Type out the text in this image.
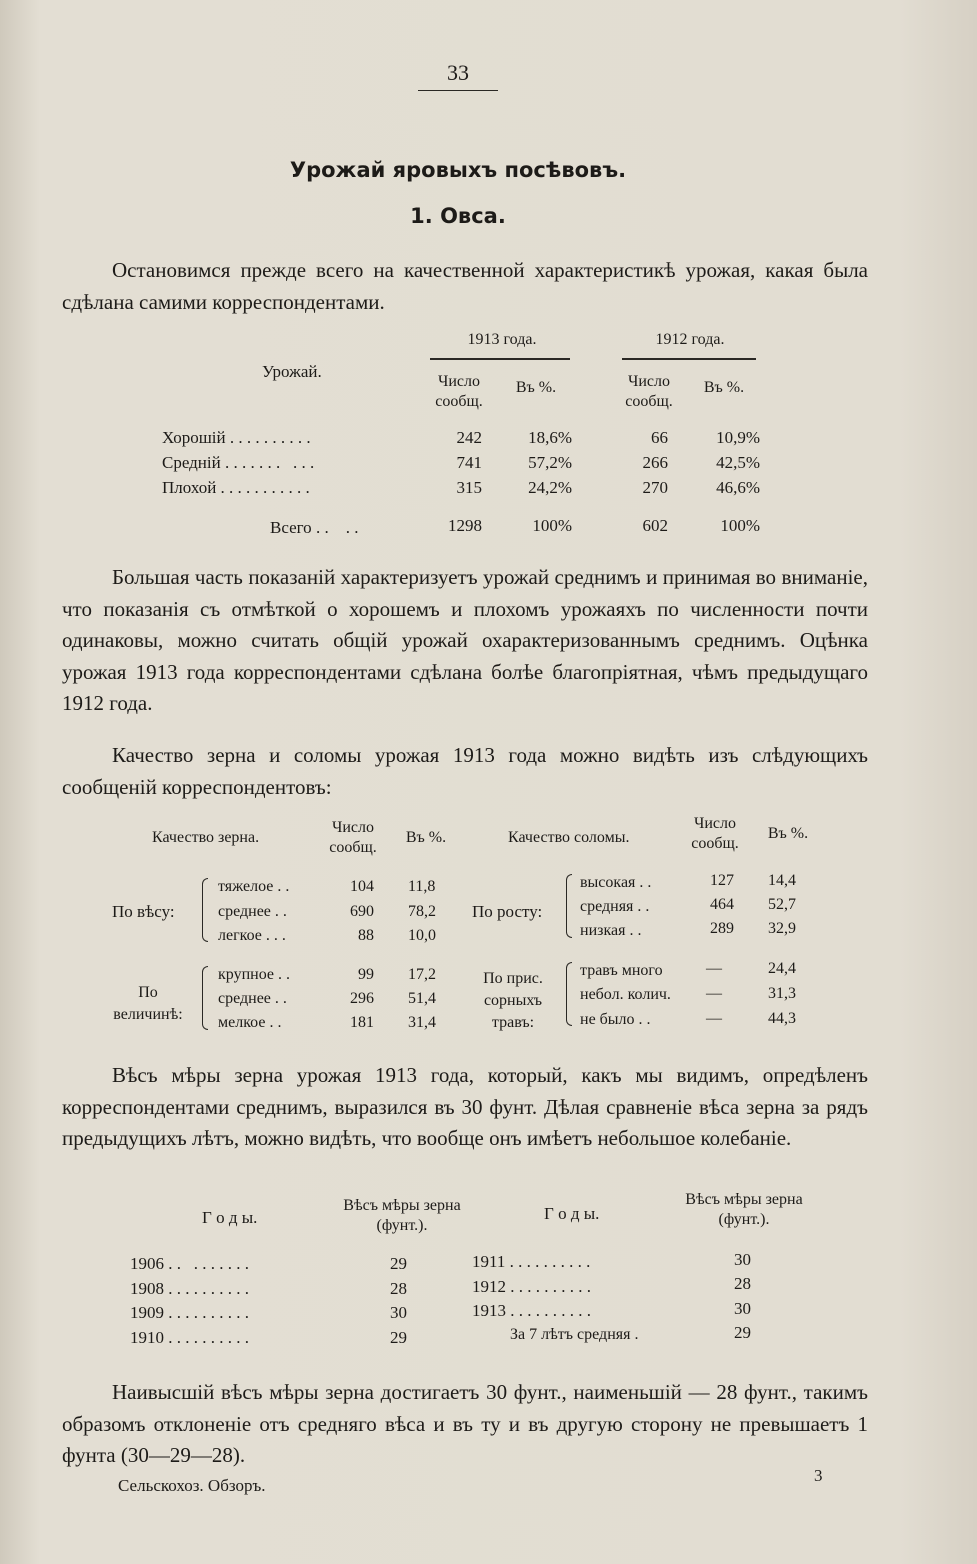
33
Урожай яровыхъ посѣвовъ.
1. Овса.
Остановимся прежде всего на качественной характеристикѣ урожая, какая была сдѣлана самими корреспондентами.
Урожай.
1913 года.	1912 года.
Число сообщ.
Въ %.	Число сообщ.
Въ %.
Хорошій . . . . . . . . . .	242	18,6%	66	10,9%
Средній . . . . . . .   . . .	741	57,2%	266	42,5%
Плохой . . . . . . . . . . .	315	24,2%	270	46,6%
Всего . .    . .	1298	100%	602	100%
Большая часть показаній характеризуетъ урожай среднимъ и принимая во вниманіе, что показанія съ отмѣткой о хорошемъ и плохомъ урожаяхъ по численности почти одинаковы, можно считать общій урожай охарактеризованнымъ среднимъ. Оцѣнка урожая 1913 года корреспондентами сдѣлана болѣе благопріятная, чѣмъ предыдущаго 1912 года.
Качество зерна и соломы урожая 1913 года можно видѣть изъ слѣдующихъ сообщеній корреспондентовъ:
Качество зерна.
Число сообщ.
Въ %.	Качество соломы.
Число сообщ.
Въ %.
По вѣсу:
тяжелое . .	104 11,8
среднее . .	690 78,2
легкое . . .	88 10,0
По величинѣ:
крупное . .	99 17,2
среднее . .	296 51,4
мелкое . .	181 31,4
По росту:
высокая . .	127 14,4
средняя . .	464 52,7
низкая . .	289 32,9
По прис. сорныхъ травъ:
травъ много	—	24,4
небол. колич. —	31,3
не было . .	—	44,3
Вѣсъ мѣры зерна урожая 1913 года, который, какъ мы видимъ, опредѣленъ корреспондентами среднимъ, выразился въ 30 фунт. Дѣлая сравненіе вѣса зерна за рядъ предыдущихъ лѣтъ, можно видѣть, что вообще онъ имѣетъ небольшое колебаніе.
Г о д ы.
Вѣсъ мѣры зерна (фунт.).
Г о д ы.
Вѣсъ мѣры зерна (фунт.).
1906 . .   . . . . . . .	29
1908 . . . . . . . . . .	28
1909 . . . . . . . . . .	30
1910 . . . . . . . . . .	29
1911 . . . . . . . . . .	30
1912 . . . . . . . . . .	28
1913 . . . . . . . . . .	30
За 7 лѣтъ средняя .	29
Наивысшій вѣсъ мѣры зерна достигаетъ 30 фунт., наименьшій — 28 фунт., такимъ образомъ отклоненіе отъ средняго вѣса и въ ту и въ другую сторону не превышаетъ 1 фунта (30—29—28).
Сельскохоз. Обзоръ.
3
